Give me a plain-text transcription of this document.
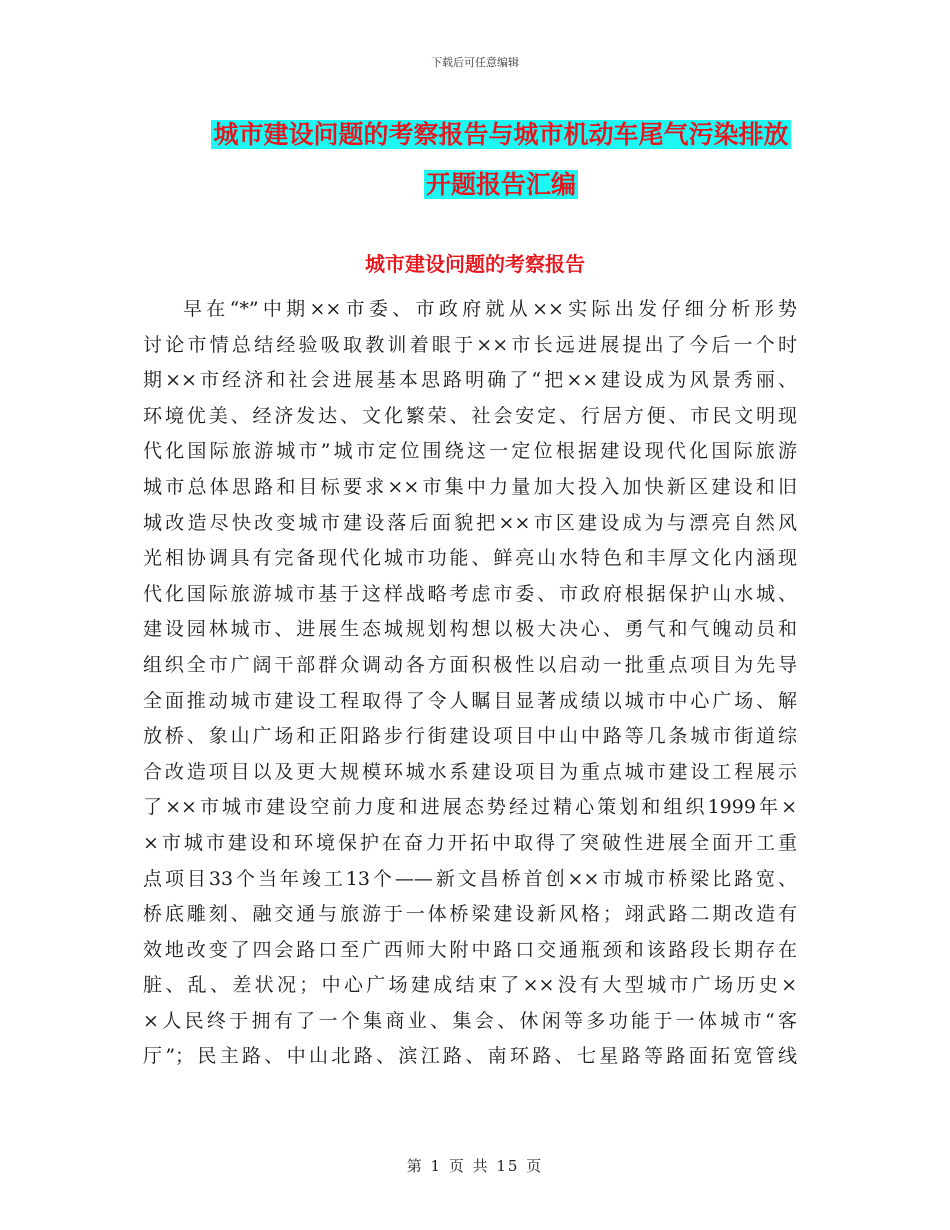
下载后可任意编辑
城市建设问题的考察报告与城市机动车尾气污染排放
开题报告汇编
城市建设问题的考察报告
早在“*”中期××市委、市政府就从××实际出发仔细分析形势
讨论市情总结经验吸取教训着眼于××市长远进展提出了今后一个时
期××市经济和社会进展基本思路明确了“把××建设成为风景秀丽、
环境优美、经济发达、文化繁荣、社会安定、行居方便、市民文明现
代化国际旅游城市”城市定位围绕这一定位根据建设现代化国际旅游
城市总体思路和目标要求××市集中力量加大投入加快新区建设和旧
城改造尽快改变城市建设落后面貌把××市区建设成为与漂亮自然风
光相协调具有完备现代化城市功能、鲜亮山水特色和丰厚文化内涵现
代化国际旅游城市基于这样战略考虑市委、市政府根据保护山水城、
建设园林城市、进展生态城规划构想以极大决心、勇气和气魄动员和
组织全市广阔干部群众调动各方面积极性以启动一批重点项目为先导
全面推动城市建设工程取得了令人瞩目显著成绩以城市中心广场、解
放桥、象山广场和正阳路步行街建设项目中山中路等几条城市街道综
合改造项目以及更大规模环城水系建设项目为重点城市建设工程展示
了××市城市建设空前力度和进展态势经过精心策划和组织1999年×
×市城市建设和环境保护在奋力开拓中取得了突破性进展全面开工重
点项目33个当年竣工13个——新文昌桥首创××市城市桥梁比路宽、
桥底雕刻、融交通与旅游于一体桥梁建设新风格；翊武路二期改造有
效地改变了四会路口至广西师大附中路口交通瓶颈和该路段长期存在
脏、乱、差状况；中心广场建成结束了××没有大型城市广场历史×
×人民终于拥有了一个集商业、集会、休闲等多功能于一体城市“客
厅”；民主路、中山北路、滨江路、南环路、七星路等路面拓宽管线
第 1 页 共 15 页
